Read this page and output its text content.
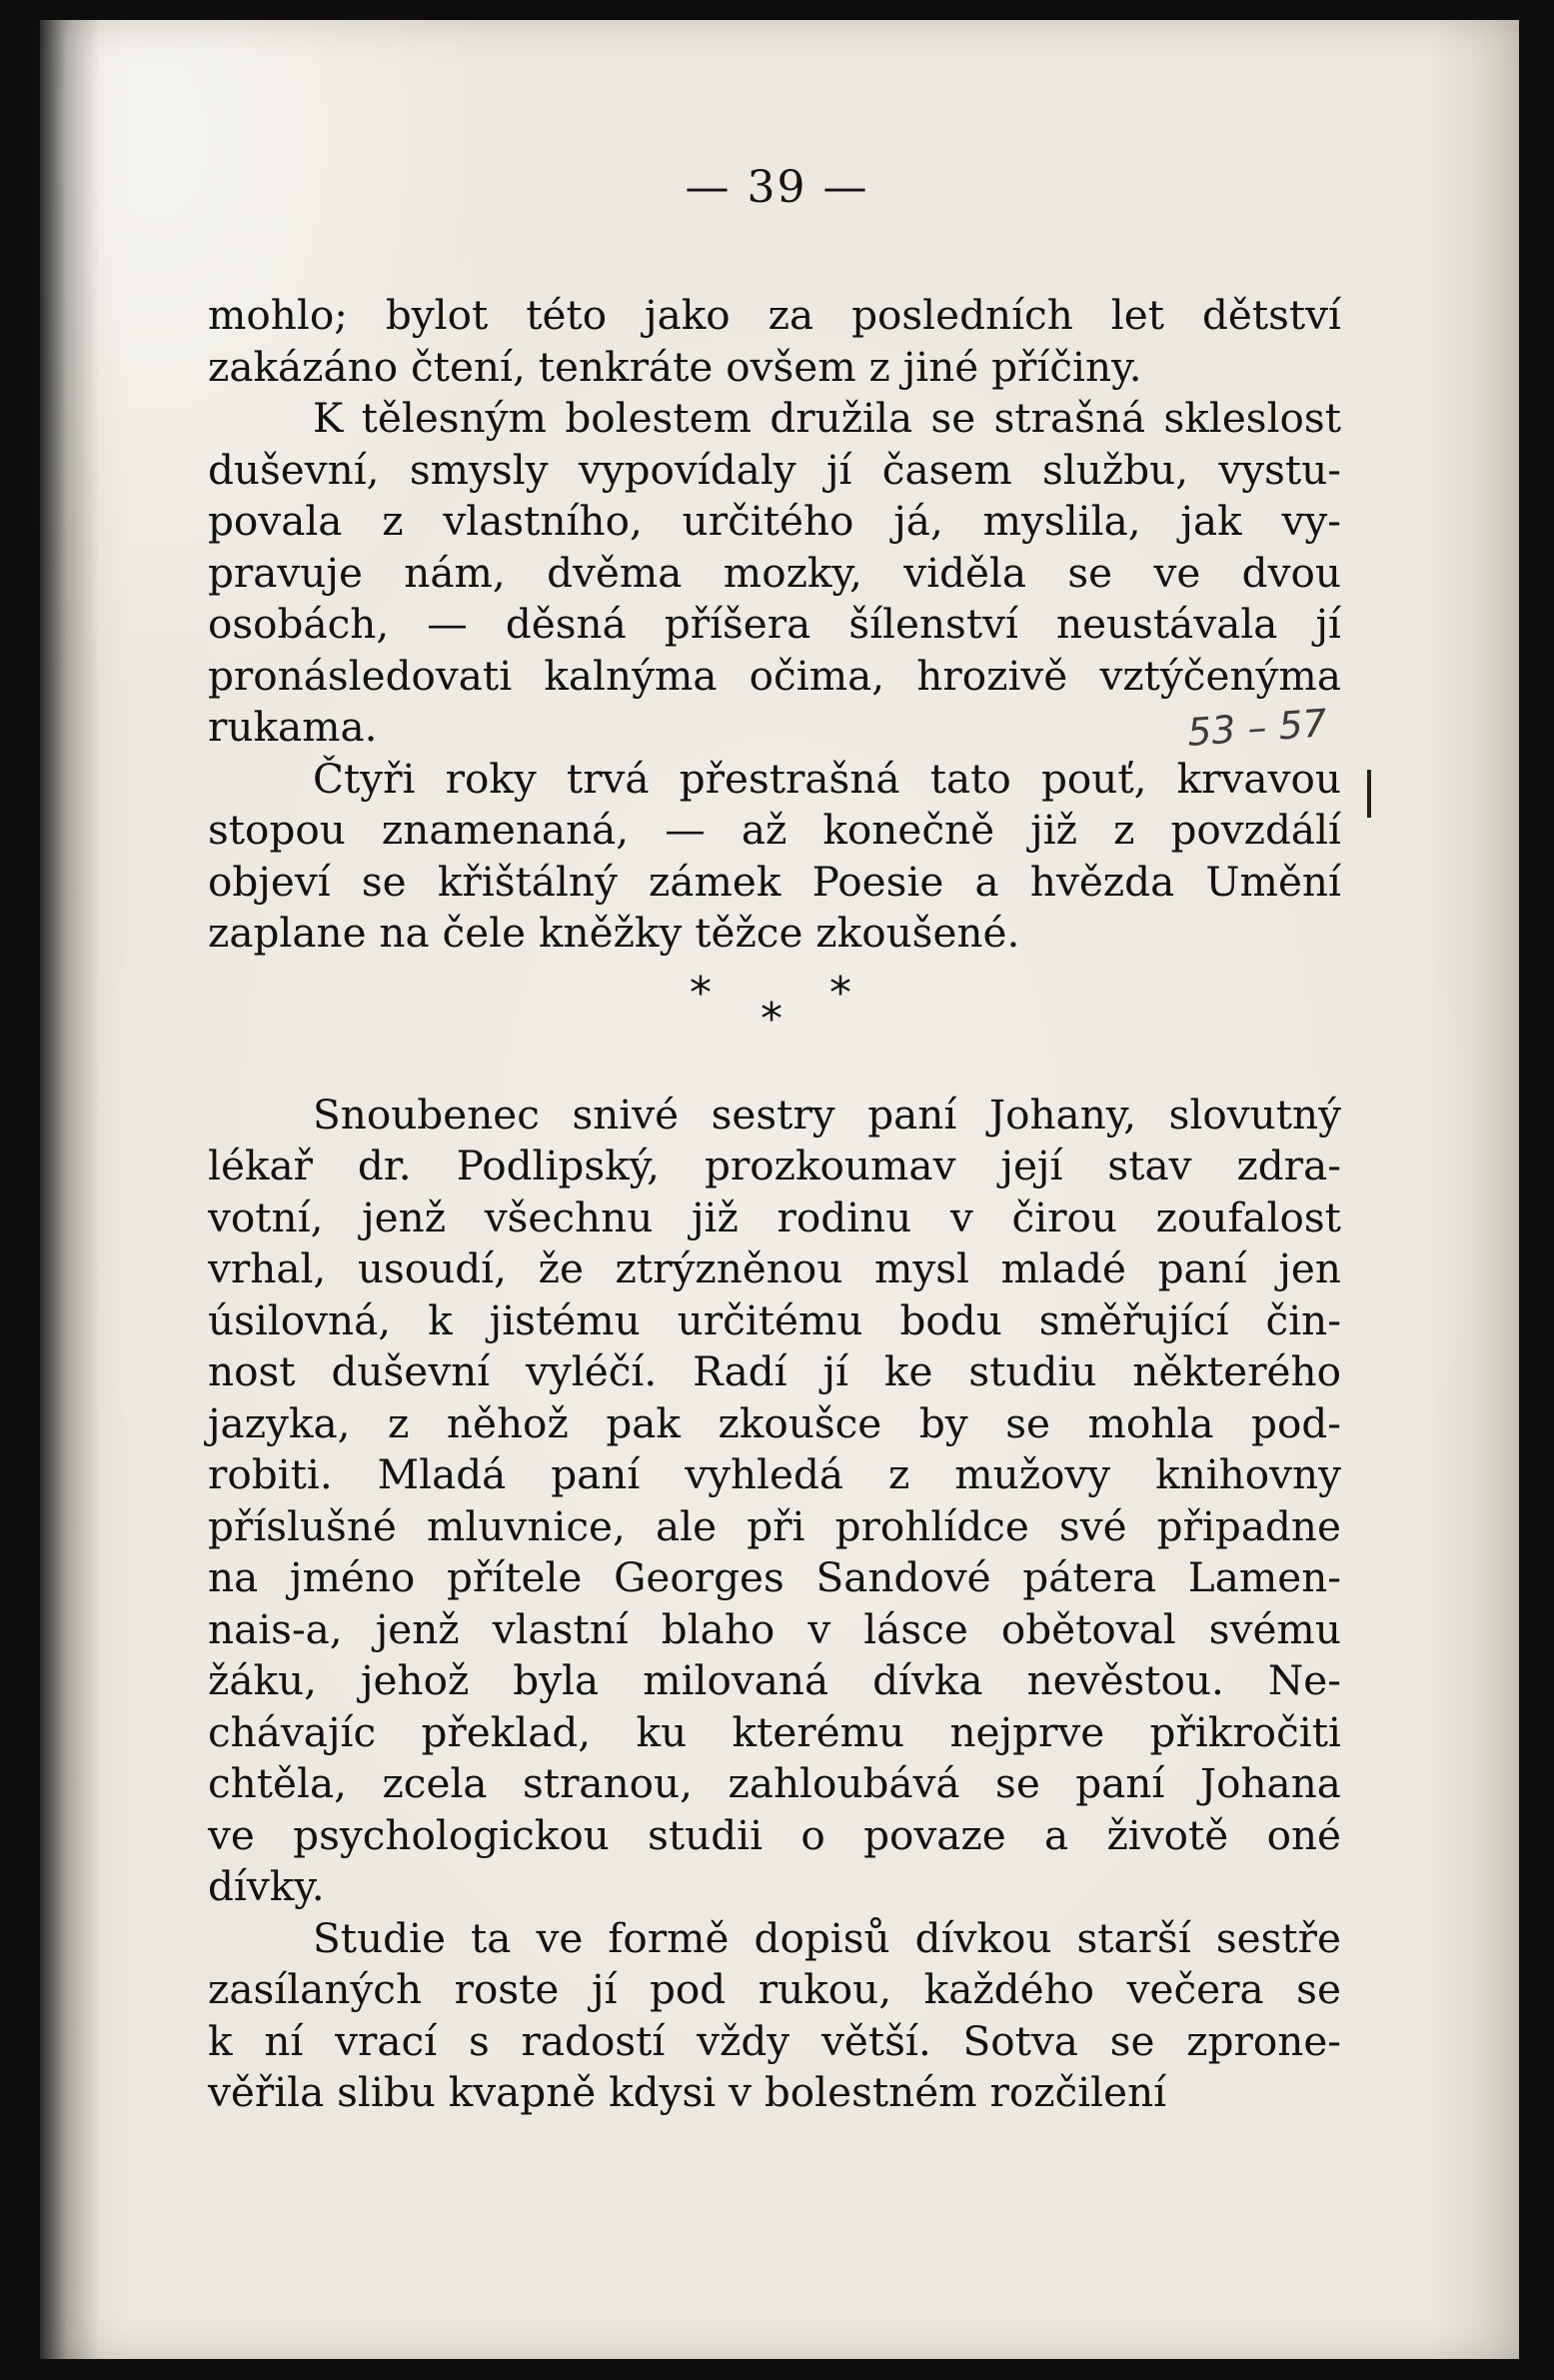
— 39 —
53 – 57
mohlo; bylot této jako za posledních let dětství
zakázáno čtení, tenkráte ovšem z jiné příčiny.
K tělesným bolestem družila se strašná skleslost
duševní, smysly vypovídaly jí časem službu, vystu-
povala z vlastního, určitého já, myslila, jak vy-
pravuje nám, dvěma mozky, viděla se ve dvou
osobách, — děsná příšera šílenství neustávala jí
pronásledovati kalnýma očima, hrozivě vztýčenýma
rukama.
Čtyři roky trvá přestrašná tato pouť, krvavou
stopou znamenaná, — až konečně již z povzdálí
objeví se křištálný zámek Poesie a hvězda Umění
zaplane na čele kněžky těžce zkoušené.
*	*
*
Snoubenec snivé sestry paní Johany, slovutný
lékař dr. Podlipský, prozkoumav její stav zdra-
votní, jenž všechnu již rodinu v čirou zoufalost
vrhal, usoudí, že ztrýzněnou mysl mladé paní jen
úsilovná, k jistému určitému bodu směřující čin-
nost duševní vyléčí. Radí jí ke studiu některého
jazyka, z něhož pak zkoušce by se mohla pod-
robiti. Mladá paní vyhledá z mužovy knihovny
příslušné mluvnice, ale při prohlídce své připadne
na jméno přítele Georges Sandové pátera Lamen-
nais-a, jenž vlastní blaho v lásce obětoval svému
žáku, jehož byla milovaná dívka nevěstou. Ne-
chávajíc překlad, ku kterému nejprve přikročiti
chtěla, zcela stranou, zahloubává se paní Johana
ve psychologickou studii o povaze a životě oné
dívky.
Studie ta ve formě dopisů dívkou starší sestře
zasílaných roste jí pod rukou, každého večera se
k ní vrací s radostí vždy větší. Sotva se zprone-
věřila slibu kvapně kdysi v bolestném rozčilení
